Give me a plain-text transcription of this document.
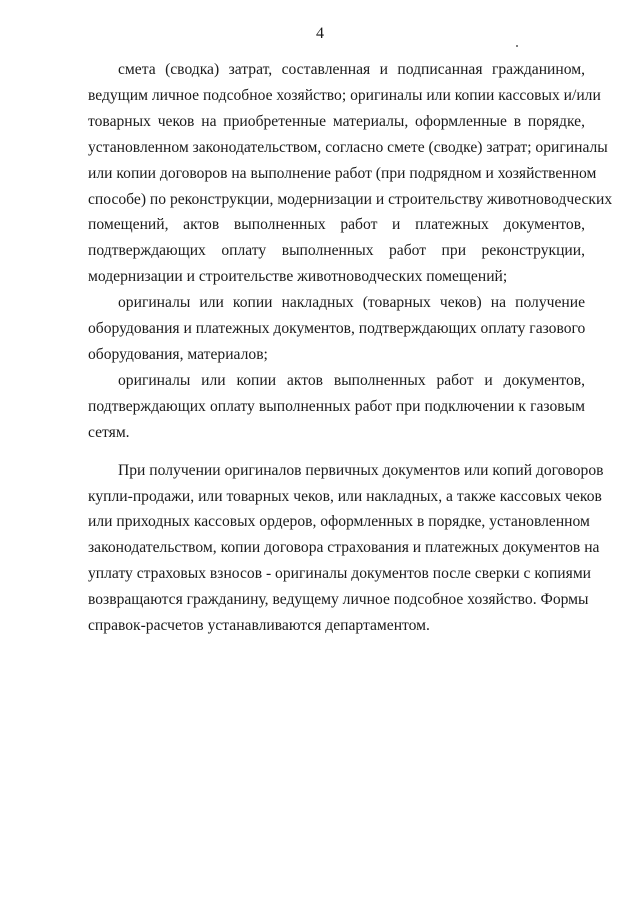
4
смета (сводка) затрат, составленная и подписанная гражданином,
ведущим личное подсобное хозяйство; оригиналы или копии кассовых и/или
товарных чеков на приобретенные материалы, оформленные в порядке,
установленном законодательством, согласно смете (сводке) затрат; оригиналы
или копии договоров на выполнение работ (при подрядном и хозяйственном
способе) по реконструкции, модернизации и строительству животноводческих
помещений, актов выполненных работ и платежных документов,
подтверждающих оплату выполненных работ при реконструкции,
модернизации и строительстве животноводческих помещений;
оригиналы или копии накладных (товарных чеков) на получение
оборудования и платежных документов, подтверждающих оплату газового
оборудования, материалов;
оригиналы или копии актов выполненных работ и документов,
подтверждающих оплату выполненных работ при подключении к газовым
сетям.
При получении оригиналов первичных документов или копий договоров
купли-продажи, или товарных чеков, или накладных, а также кассовых чеков
или приходных кассовых ордеров, оформленных в порядке, установленном
законодательством, копии договора страхования и платежных документов на
уплату страховых взносов - оригиналы документов после сверки с копиями
возвращаются гражданину, ведущему личное подсобное хозяйство. Формы
справок-расчетов устанавливаются департаментом.
